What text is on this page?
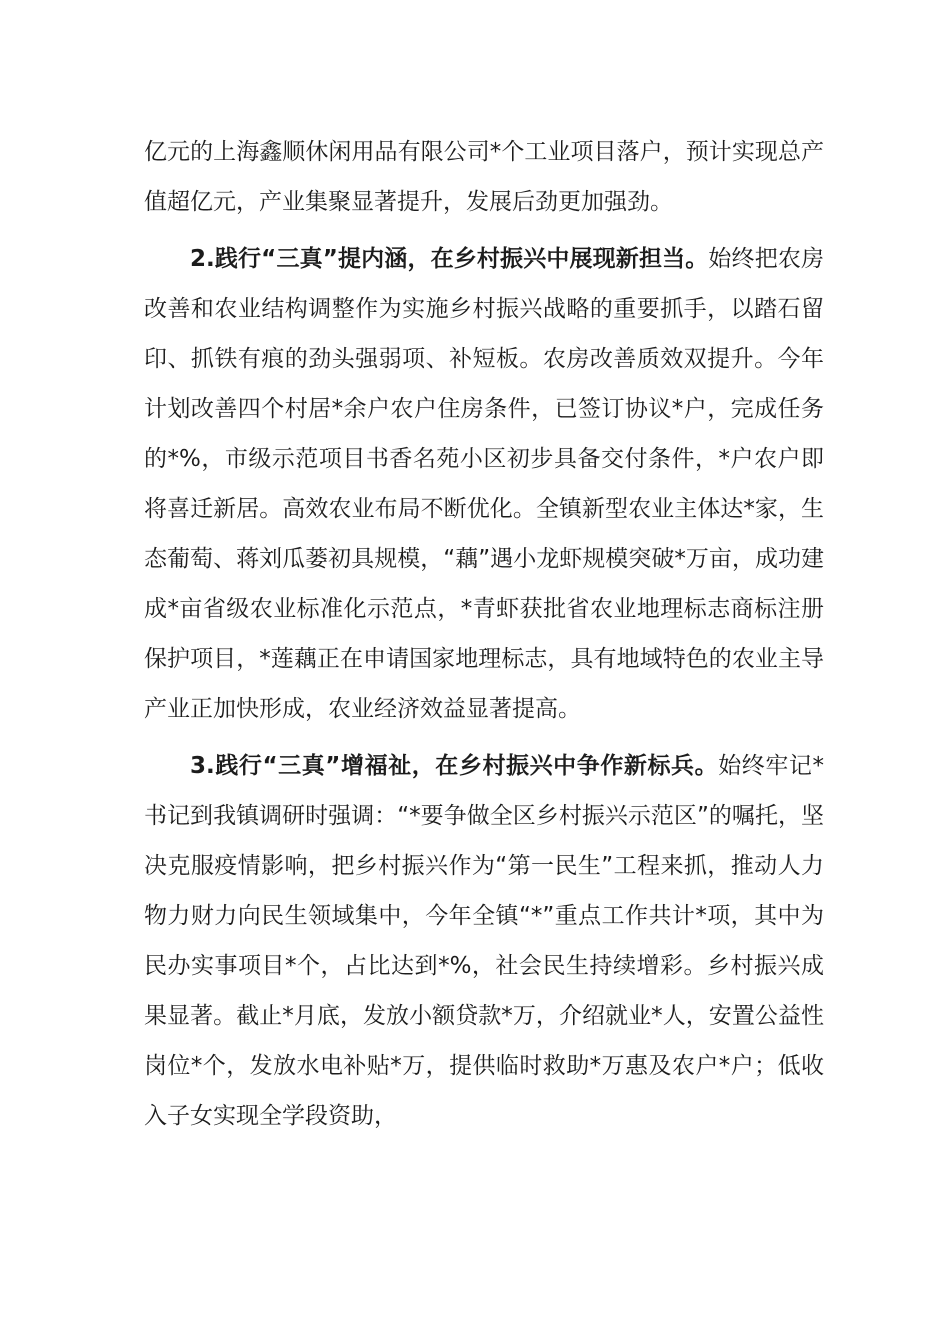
亿元的上海鑫顺休闲用品有限公司*个工业项目落户，预计实现总产值超亿元，产业集聚显著提升，发展后劲更加强劲。

2.践行“三真”提内涵，在乡村振兴中展现新担当。始终把农房改善和农业结构调整作为实施乡村振兴战略的重要抓手，以踏石留印、抓铁有痕的劲头强弱项、补短板。农房改善质效双提升。今年计划改善四个村居*余户农户住房条件，已签订协议*户，完成任务的*%，市级示范项目书香名苑小区初步具备交付条件，*户农户即将喜迁新居。高效农业布局不断优化。全镇新型农业主体达*家，生态葡萄、蒋刘瓜蒌初具规模，“藕”遇小龙虾规模突破*万亩，成功建成*亩省级农业标准化示范点，*青虾获批省农业地理标志商标注册保护项目，*莲藕正在申请国家地理标志，具有地域特色的农业主导产业正加快形成，农业经济效益显著提高。

3.践行“三真”增福祉，在乡村振兴中争作新标兵。始终牢记*书记到我镇调研时强调：“*要争做全区乡村振兴示范区”的嘱托，坚决克服疫情影响，把乡村振兴作为“第一民生”工程来抓，推动人力物力财力向民生领域集中，今年全镇“*”重点工作共计*项，其中为民办实事项目*个，占比达到*%，社会民生持续增彩。乡村振兴成果显著。截止*月底，发放小额贷款*万，介绍就业*人，安置公益性岗位*个，发放水电补贴*万，提供临时救助*万惠及农户*户；低收入子女实现全学段资助，
